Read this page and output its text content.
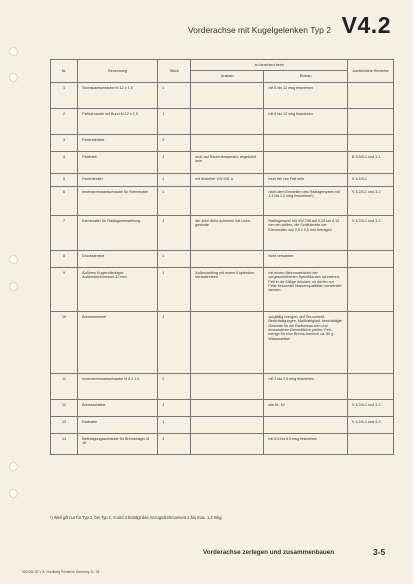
Vorderachse mit Kugelgelenken Typ 2 V4.2
Nr.	Benennung	Stück	zu beachten beim		Ausführliche Hinweise
			Ausbau	Einbau	
1	Sechskantschraube M 12 x 1,5	1		mit 6 bis 12 mkg festziehen	
2	Paßschraube mit Bund M 12 x 1,5	1		mit 6 bis 12 mkg festziehen	
3	Federscheibe	2			
4	Federteil	1	muß auf Raum-temperatur abgekühlt sein		B 3.5/5-1 und 3-1
5	Federdeckel	1	mit Abzieher VW 631 a	muß frei von Fett sein	V 4.2/3-1
6	Innensechskantschraube für Klemmutter	1		nach dem Einstellen des Radlagerspiels mit 1,3 bis 2,0 mkg festziehen¹)	V 4.2/3-1 und 3-2
7	Klemmutter für Radlagereinstellung	1	der linke Achs-schenkel hat Links-gewinde	Radlagerspiel mit VW 768 auf 0,03 bis 0,12 mm ein-stellen, die Schlitzbreite der Klemmutter soll 0,5 x 0,5 mm betragen	V 4.2/3-1 und 3-2
8	Druckscheibe	1		nicht verkanten	
9	Äußeres Kugelrollenlager Außendurchmesser 42 mm	1	Außenlaufring mit einem Kupferdorn heraustreiben	mit einem Metronwebklebt der vorgeschriebenen Spezifika-tion schmieren; Fett in die Käfige drücken; es dürfen nur Fette bekannter Markenqualitäten verwendet werden	
10	Bremstrommel	1		sorgfältig reinigen; auf Ver-schleiß, Beschädigungen, Maßhaltigkeit, beschädigte Gewinde für die Radschrau-ben und einwandfreie Bremsfläche prüfen; Fett-menge für eine Brems-trommel ca. 80 g Wärmeartikel	
11	Innensechskantschraube M 8 x 1,5	2		mit 2 bis 2,5 mkg festziehen	
12	Bremsscheibe	1		wie Nr. 10	V 4.2/4-1 und 4-2
13	Radnabe	1			V 4.2/4-1 und 4-3
14	Befestigungsschraube für Bremsträger M 10	4		mit 5,5 bis 6,5 mkg festziehen	
¹) Weil gilt nur für Typ 2, bei Typ 1, 3 und 4 beträgt das Anzugsdrehmoment 1 bis max. 1,3 mkg
Vorderachse zerlegen und zusammenbauen	3-5
000.000.00 V A. Nordberg Printed in Germany 11. 78
